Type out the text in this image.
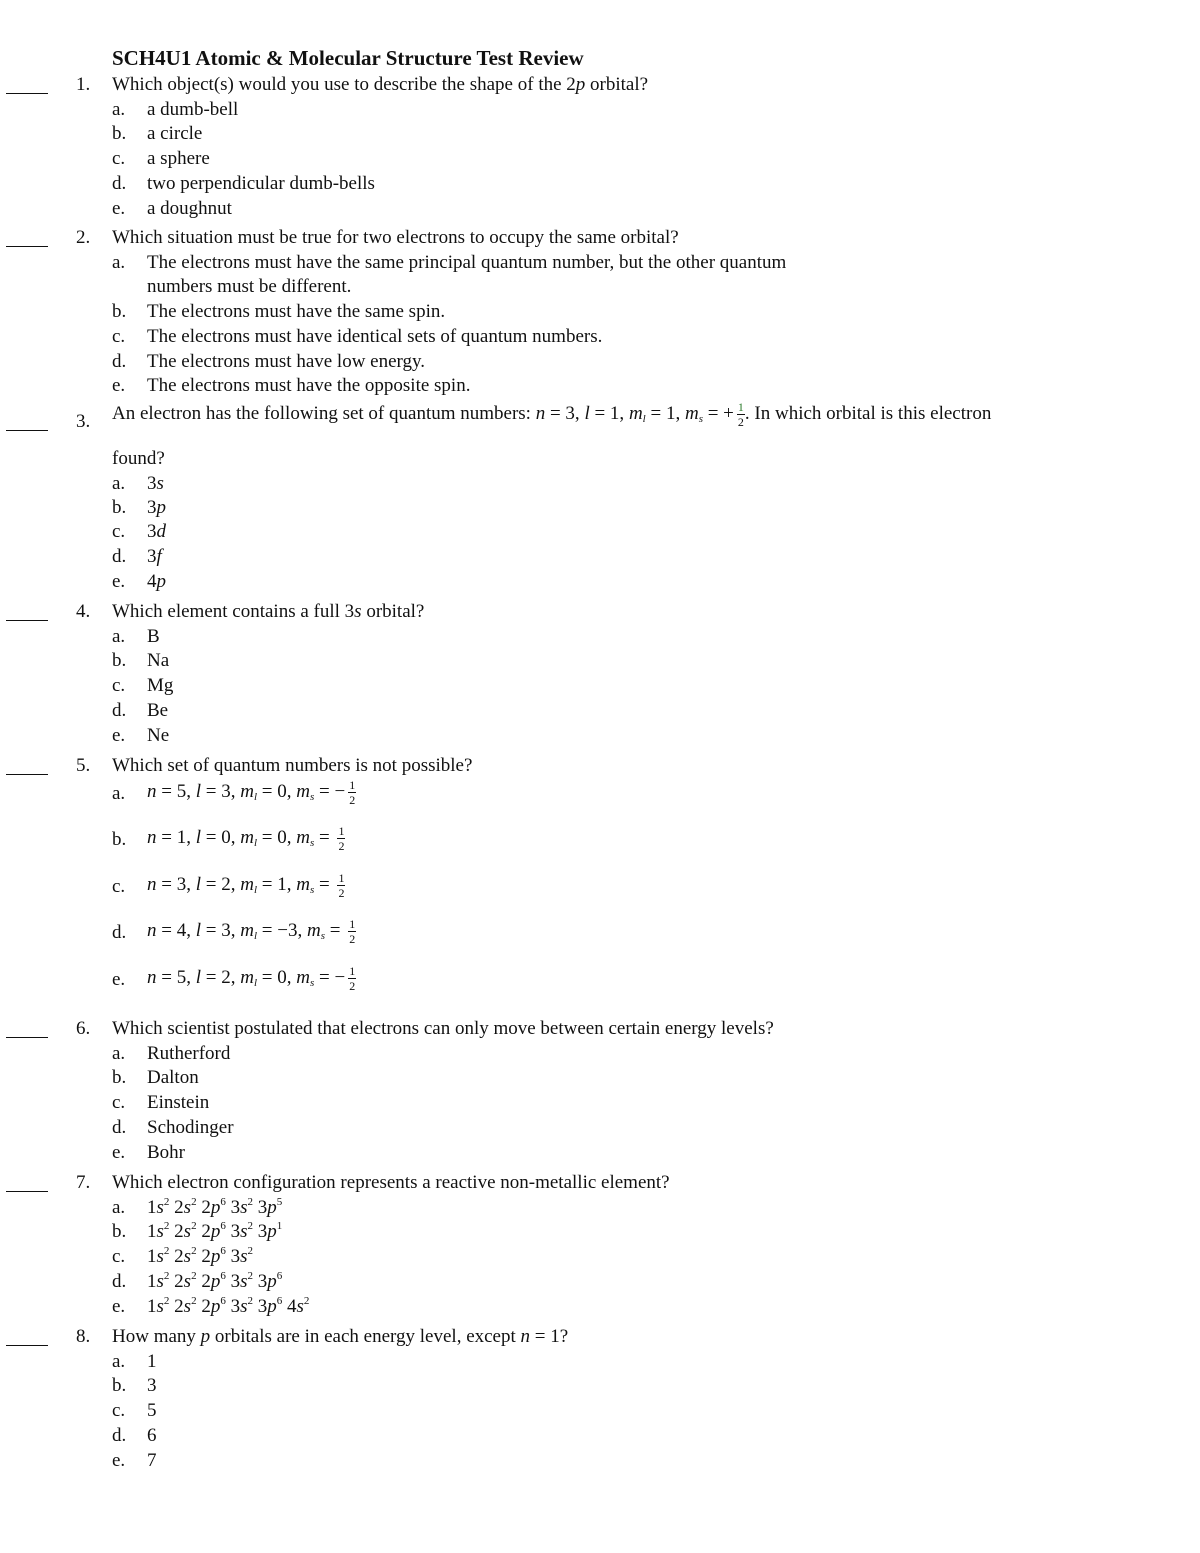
SCH4U1 Atomic & Molecular Structure Test Review
1. Which object(s) would you use to describe the shape of the 2p orbital?
a. a dumb-bell
b. a circle
c. a sphere
d. two perpendicular dumb-bells
e. a doughnut
2. Which situation must be true for two electrons to occupy the same orbital?
a. The electrons must have the same principal quantum number, but the other quantum
numbers must be different.
b. The electrons must have the same spin.
c. The electrons must have identical sets of quantum numbers.
d. The electrons must have low energy.
e. The electrons must have the opposite spin.
3. An electron has the following set of quantum numbers: n = 3, l = 1, $m_l = 1$, $m_s$ = + $\frac{1}{2}$ . In which orbital is this electron
found?
a. 3s
b. 3p
c. 3d
d. 3f
e. 4p
4. Which element contains a full 3s orbital?
a. B
b. Na
c. Mg
d. Be
e. Ne
5. Which set of quantum numbers is not possible?
a. n = 5, l = 3, $m_l = 0$, $m_s$ = − $\frac{1}{2}$
b. n = 1, l = 0, $m_l = 0$, $m_s = \frac{1}{2}$
c. n = 3, l = 2, $m_l = 1$, $m_s = \frac{1}{2}$
d. n = 4, l = 3, $m_l = -3$, $m_s = \frac{1}{2}$
e. n = 5, l = 2, $m_l = 0$, $m_s$ = − $\frac{1}{2}$
6. Which scientist postulated that electrons can only move between certain energy levels?
a. Rutherford
b. Dalton
c. Einstein
d. Schodinger
e. Bohr
7. Which electron configuration represents a reactive non-metallic element?
a. $1s^2$ $2s^2$ $2p^6$ $3s^2$ $3p^5$
b. $1s^2$ $2s^2$ $2p^6$ $3s^2$ $3p^1$
c. $1s^2$ $2s^2$ $2p^6$ $3s^2$
d. $1s^2$ $2s^2$ $2p^6$ $3s^2$ $3p^6$
e. $1s^2$ $2s^2$ $2p^6$ $3s^2$ $3p^6$ $4s^2$
8. How many p orbitals are in each energy level, except n = 1?
a. 1
b. 3
c. 5
d. 6
e. 7
